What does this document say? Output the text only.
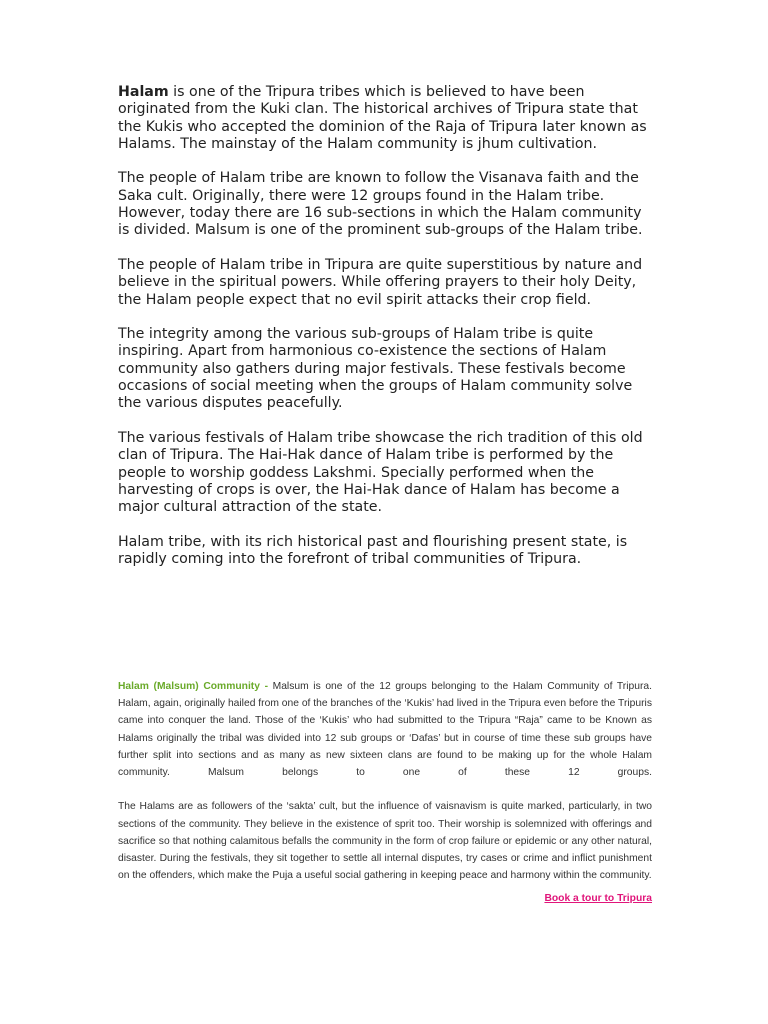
Halam is one of the Tripura tribes which is believed to have been originated from the Kuki clan. The historical archives of Tripura state that the Kukis who accepted the dominion of the Raja of Tripura later known as Halams. The mainstay of the Halam community is jhum cultivation.

The people of Halam tribe are known to follow the Visanava faith and the Saka cult. Originally, there were 12 groups found in the Halam tribe. However, today there are 16 sub-sections in which the Halam community is divided. Malsum is one of the prominent sub-groups of the Halam tribe.

The people of Halam tribe in Tripura are quite superstitious by nature and believe in the spiritual powers. While offering prayers to their holy Deity, the Halam people expect that no evil spirit attacks their crop field.

The integrity among the various sub-groups of Halam tribe is quite inspiring. Apart from harmonious co-existence the sections of Halam community also gathers during major festivals. These festivals become occasions of social meeting when the groups of Halam community solve the various disputes peacefully.

The various festivals of Halam tribe showcase the rich tradition of this old clan of Tripura. The Hai-Hak dance of Halam tribe is performed by the people to worship goddess Lakshmi. Specially performed when the harvesting of crops is over, the Hai-Hak dance of Halam has become a major cultural attraction of the state.

Halam tribe, with its rich historical past and flourishing present state, is rapidly coming into the forefront of tribal communities of Tripura.

Halam (Malsum) Community - Malsum is one of the 12 groups belonging to the Halam Community of Tripura. Halam, again, originally hailed from one of the branches of the ‘Kukis’ had lived in the Tripura even before the Tripuris came into conquer the land. Those of the ‘Kukis’ who had submitted to the Tripura “Raja” came to be Known as Halams originally the tribal was divided into 12 sub groups or ‘Dafas’ but in course of time these sub groups have further split into sections and as many as new sixteen clans are found to be making up for the whole Halam community. Malsum belongs to one of these 12 groups.

The Halams are as followers of the ‘sakta’ cult, but the influence of vaisnavism is quite marked, particularly, in two sections of the community. They believe in the existence of sprit too. Their worship is solemnized with offerings and sacrifice so that nothing calamitous befalls the community in the form of crop failure or epidemic or any other natural, disaster. During the festivals, they sit together to settle all internal disputes, try cases or crime and inflict punishment on the offenders, which make the Puja a useful social gathering in keeping peace and harmony within the community.

Book a tour to Tripura
